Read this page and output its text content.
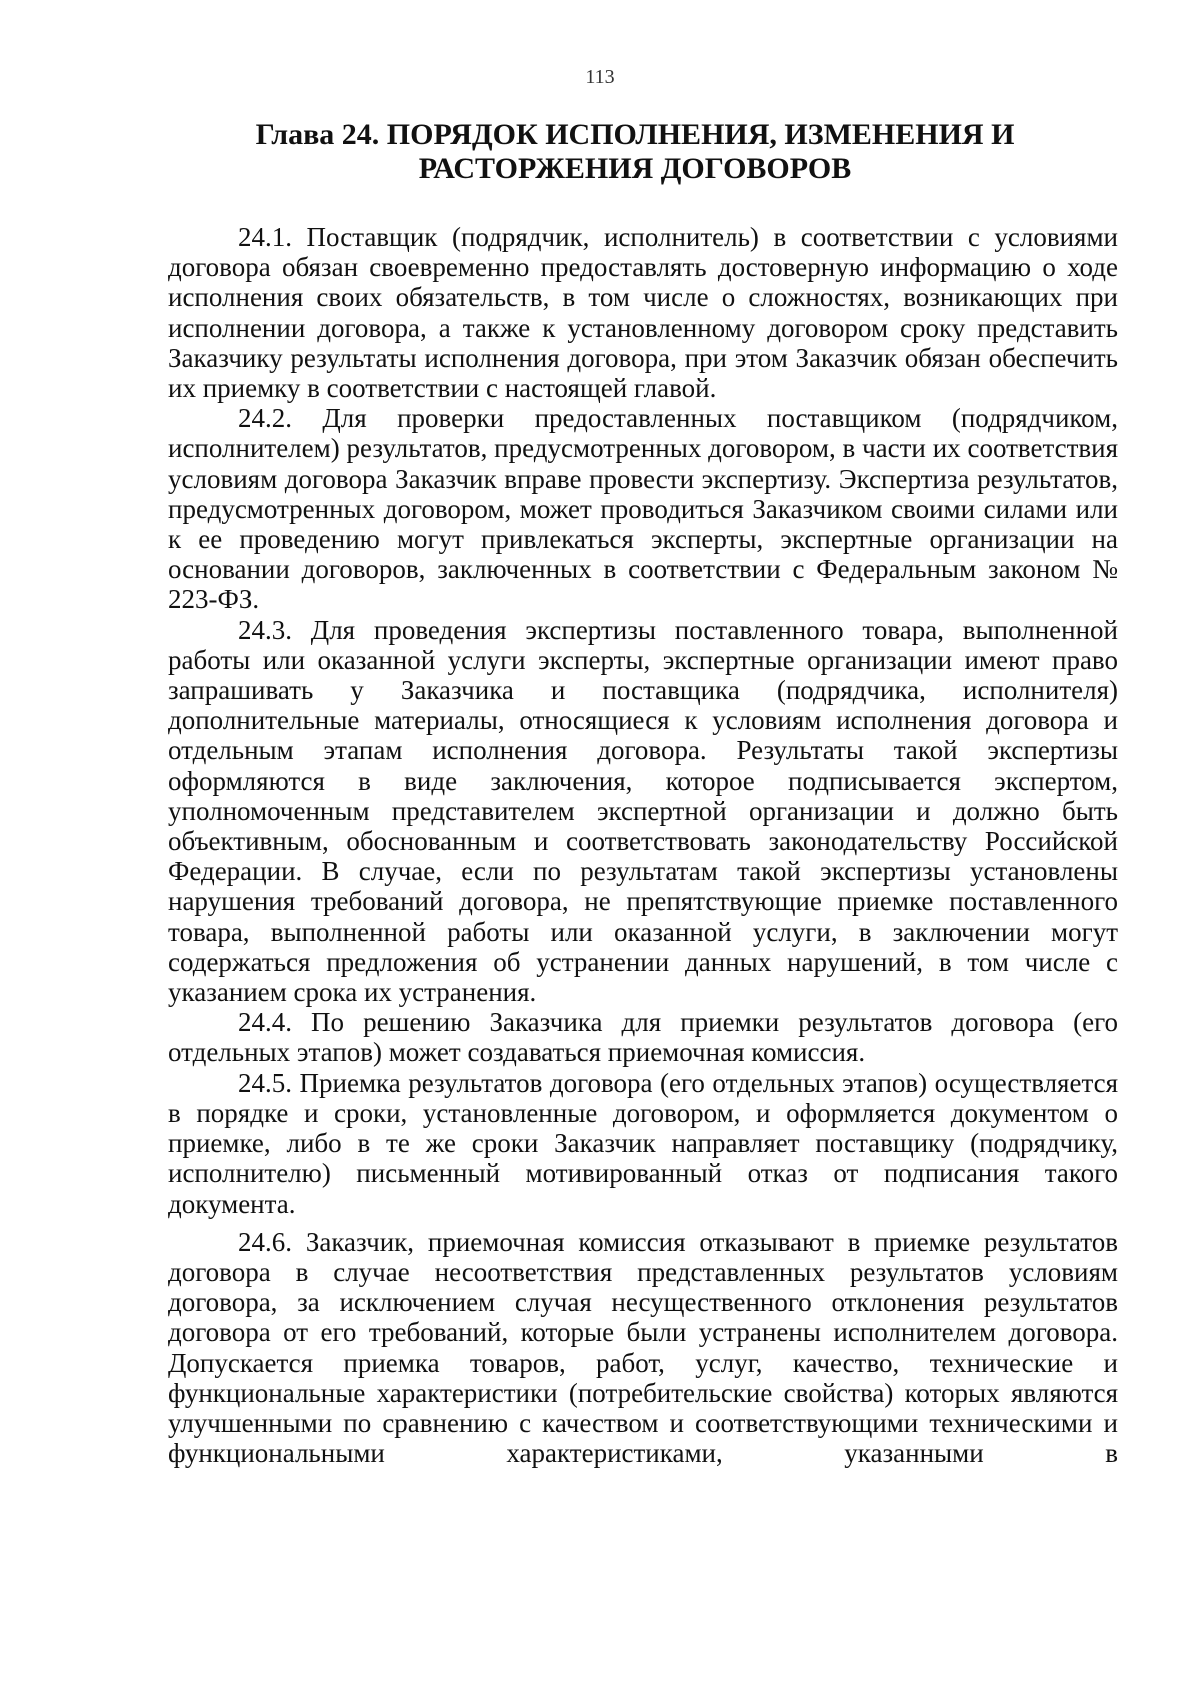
113
Глава 24. ПОРЯДОК ИСПОЛНЕНИЯ, ИЗМЕНЕНИЯ И
РАСТОРЖЕНИЯ ДОГОВОРОВ

24.1. Поставщик (подрядчик, исполнитель) в соответствии с условиями договора обязан своевременно предоставлять достоверную информацию о ходе исполнения своих обязательств, в том числе о сложностях, возникающих при исполнении договора, а также к установленному договором сроку представить Заказчику результаты исполнения договора, при этом Заказчик обязан обеспечить их приемку в соответствии с настоящей главой.

24.2. Для проверки предоставленных поставщиком (подрядчиком, исполнителем) результатов, предусмотренных договором, в части их соответствия условиям договора Заказчик вправе провести экспертизу. Экспертиза результатов, предусмотренных договором, может проводиться Заказчиком своими силами или к ее проведению могут привлекаться эксперты, экспертные организации на основании договоров, заключенных в соответствии с Федеральным законом № 223-ФЗ.

24.3. Для проведения экспертизы поставленного товара, выполненной работы или оказанной услуги эксперты, экспертные организации имеют право запрашивать у Заказчика и поставщика (подрядчика, исполнителя) дополнительные материалы, относящиеся к условиям исполнения договора и отдельным этапам исполнения договора. Результаты такой экспертизы оформляются в виде заключения, которое подписывается экспертом, уполномоченным представителем экспертной организации и должно быть объективным, обоснованным и соответствовать законодательству Российской Федерации. В случае, если по результатам такой экспертизы установлены нарушения требований договора, не препятствующие приемке поставленного товара, выполненной работы или оказанной услуги, в заключении могут содержаться предложения об устранении данных нарушений, в том числе с указанием срока их устранения.

24.4. По решению Заказчика для приемки результатов договора (его отдельных этапов) может создаваться приемочная комиссия.

24.5. Приемка результатов договора (его отдельных этапов) осуществляется в порядке и сроки, установленные договором, и оформляется документом о приемке, либо в те же сроки Заказчик направляет поставщику (подрядчику, исполнителю) письменный мотивированный отказ от подписания такого документа.

24.6. Заказчик, приемочная комиссия отказывают в приемке результатов договора в случае несоответствия представленных результатов условиям договора, за исключением случая несущественного отклонения результатов договора от его требований, которые были устранены исполнителем договора. Допускается приемка товаров, работ, услуг, качество, технические и функциональные характеристики (потребительские свойства) которых являются улучшенными по сравнению с качеством и соответствующими техническими и функциональными характеристиками, указанными в
